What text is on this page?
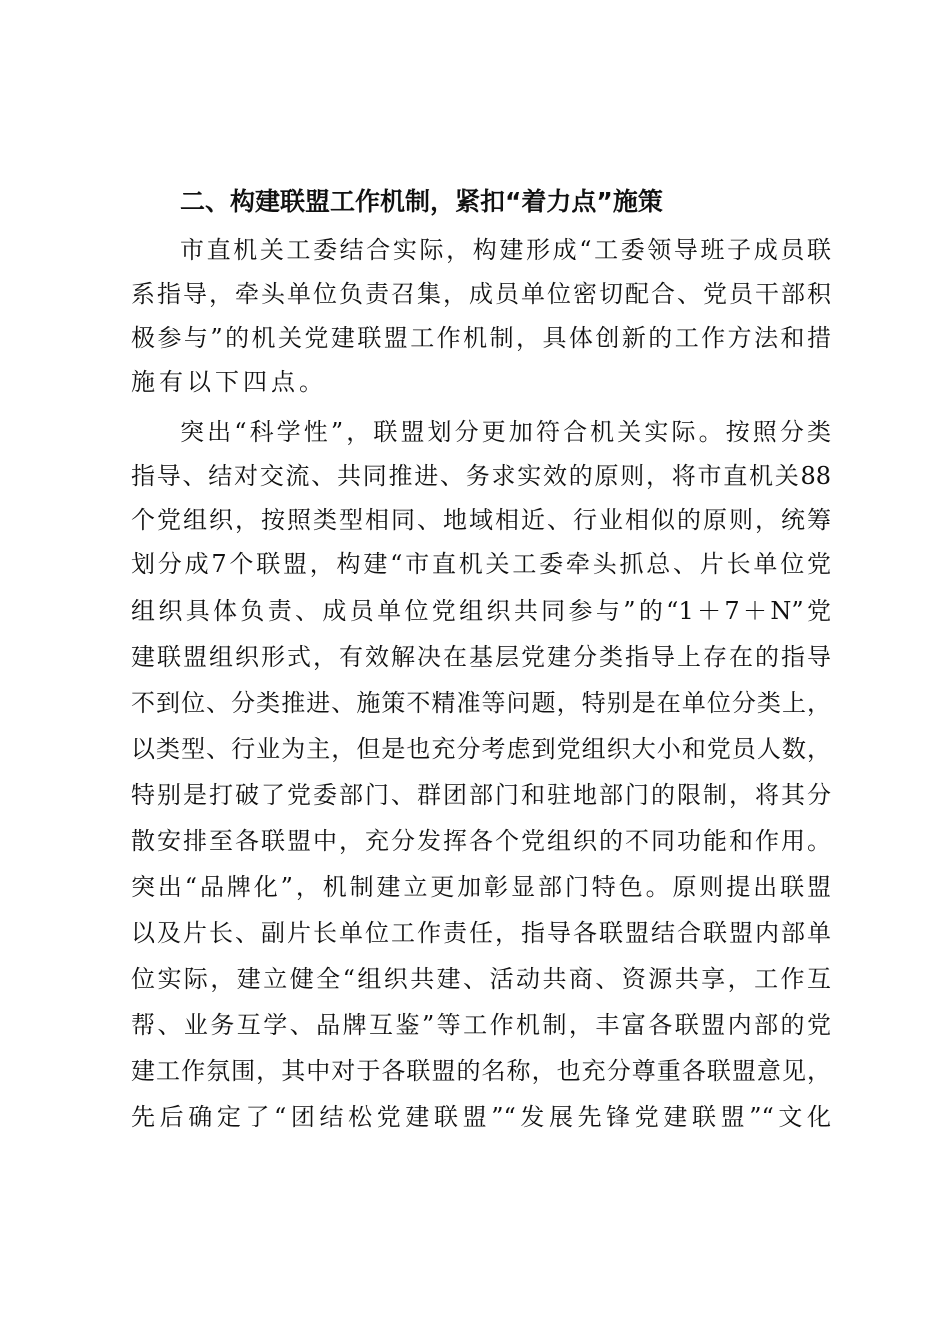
二、构建联盟工作机制，紧扣“着力点”施策
市直机关工委结合实际，构建形成“工委领导班子成员联
系指导，牵头单位负责召集，成员单位密切配合、党员干部积
极参与”的机关党建联盟工作机制，具体创新的工作方法和措
施有以下四点。
突出“科学性”，联盟划分更加符合机关实际。按照分类
指导、结对交流、共同推进、务求实效的原则，将市直机关88
个党组织，按照类型相同、地域相近、行业相似的原则，统筹
划分成7个联盟，构建“市直机关工委牵头抓总、片长单位党
组织具体负责、成员单位党组织共同参与”的“1＋7＋N”党
建联盟组织形式，有效解决在基层党建分类指导上存在的指导
不到位、分类推进、施策不精准等问题，特别是在单位分类上，
以类型、行业为主，但是也充分考虑到党组织大小和党员人数，
特别是打破了党委部门、群团部门和驻地部门的限制，将其分
散安排至各联盟中，充分发挥各个党组织的不同功能和作用。
突出“品牌化”，机制建立更加彰显部门特色。原则提出联盟
以及片长、副片长单位工作责任，指导各联盟结合联盟内部单
位实际，建立健全“组织共建、活动共商、资源共享，工作互
帮、业务互学、品牌互鉴”等工作机制，丰富各联盟内部的党
建工作氛围，其中对于各联盟的名称，也充分尊重各联盟意见，
先后确定了“团结松党建联盟”“发展先锋党建联盟”“文化
